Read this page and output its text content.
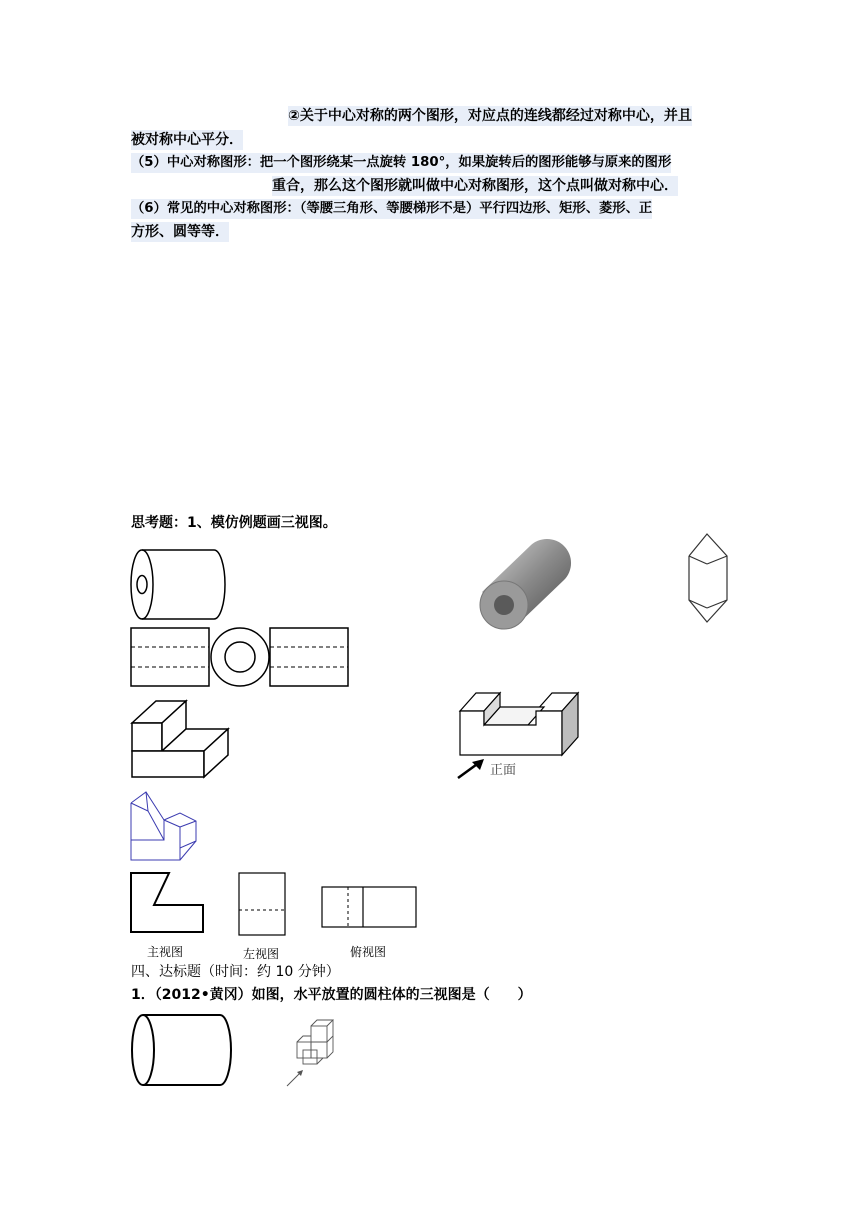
②关于中心对称的两个图形，对应点的连线都经过对称中心，并且
被对称中心平分．
（5）中心对称图形：把一个图形绕某一点旋转 180°，如果旋转后的图形能够与原来的图形
重合，那么这个图形就叫做中心对称图形，这个点叫做对称中心．
（6）常见的中心对称图形：（等腰三角形、等腰梯形不是）平行四边形、矩形、菱形、正
方形、圆等等．
思考题：1、模仿例题画三视图。
正面
主视图	左视图	俯视图
四、达标题（时间：约 10 分钟）
1．（2012•黄冈）如图，水平放置的圆柱体的三视图是（　　）
